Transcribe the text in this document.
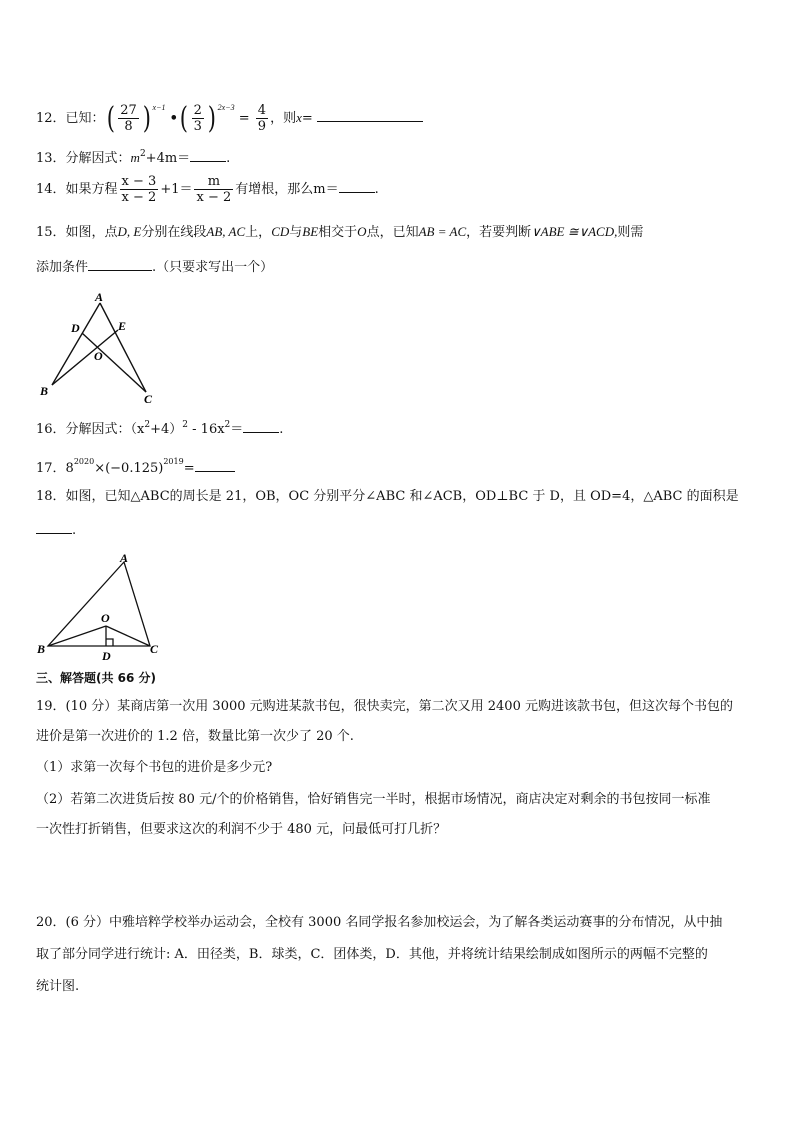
12．已知：( $\frac{27}{8}$ ) $^{x-1}$ •( $\frac{2}{3}$ ) $^{2x-3} = \frac{4}{9}$ ，则x=
13．分解因式：$m^2+4m=$	.
14．如果方程 $\frac{x - 3}{x - 2} +1= \frac{m}{x - 2}$ 有增根，那么m＝	.
15．如图，点D, E分别在线段AB, AC上，CD与BE相交于O点，已知AB = AC，若要判断∨ABE ≅∨ACD,则需
添加条件	.（只要求写出一个）
A
D	E
O
B
C
16．分解因式：$(x^2+4)^2 - 16x^2=$	.
17．$8^{2020}\times(-0.125)^{2019}=$
18．如图，已知△ABC的周长是 21，OB，OC 分别平分∠ABC 和∠ACB，OD⊥BC 于 D，且 OD=4，△ABC 的面积是
.
A
O
B	C
D
三、解答题(共 66 分)
19．(10 分）某商店第一次用 3000 元购进某款书包，很快卖完，第二次又用 2400 元购进该款书包，但这次每个书包的
进价是第一次进价的 1.2 倍，数量比第一次少了 20 个.
（1）求第一次每个书包的进价是多少元?
（2）若第二次进货后按 80 元/个的价格销售，恰好销售完一半时，根据市场情况，商店决定对剩余的书包按同一标准
一次性打折销售，但要求这次的利润不少于 480 元，问最低可打几折？
20．(6 分）中雅培粹学校举办运动会，全校有 3000 名同学报名参加校运会，为了解各类运动赛事的分布情况，从中抽
取了部分同学进行统计: A．田径类，B．球类，C．团体类，D．其他，并将统计结果绘制成如图所示的两幅不完整的
统计图.
